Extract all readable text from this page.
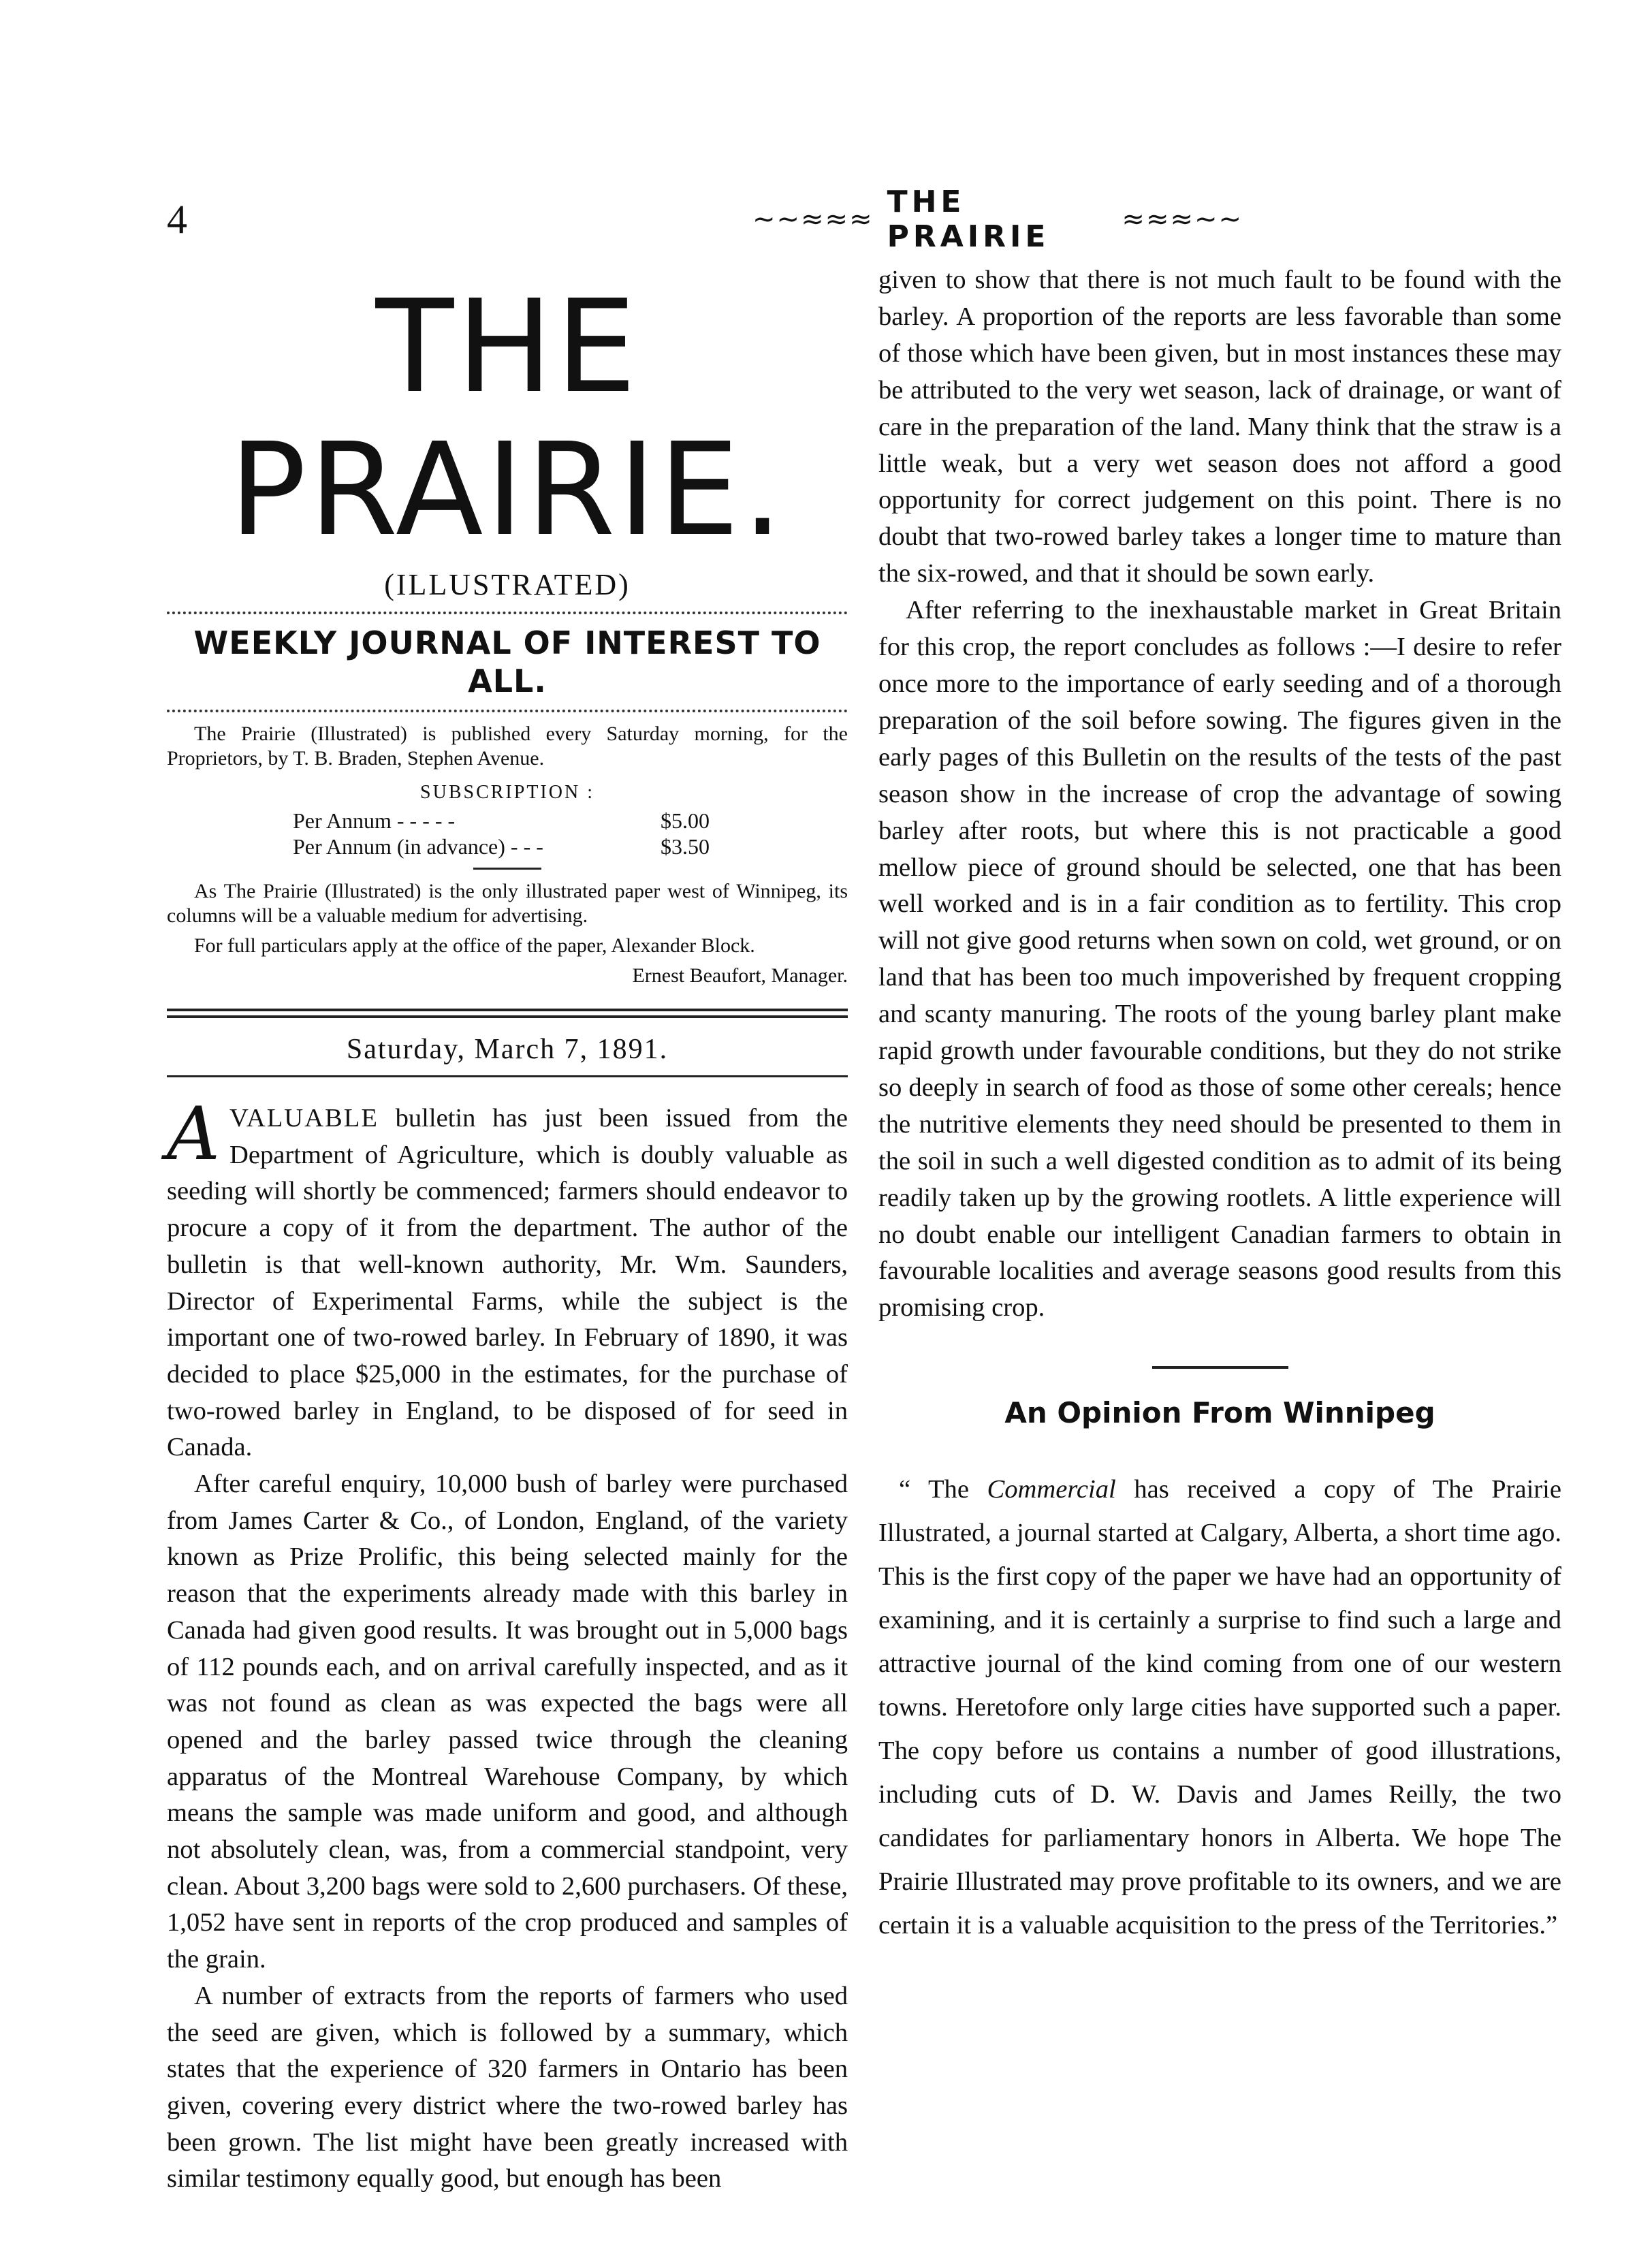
4	~~≈≈≈ THE PRAIRIE	≈≈≈~~
THE PRAIRIE.
(ILLUSTRATED)
WEEKLY JOURNAL OF INTEREST TO ALL.

The Prairie (Illustrated) is published every Saturday morning, for the Proprietors, by T. B. Braden, Stephen Avenue.

SUBSCRIPTION :
Per Annum - - - - -	$5.00
Per Annum (in advance) - - -	$3.50

As The Prairie (Illustrated) is the only illustrated paper west of Winnipeg, its columns will be a valuable medium for advertising.

For full particulars apply at the office of the paper, Alexander Block.

Ernest Beaufort, Manager.
Saturday, March 7, 1891.

AVALUABLE bulletin has just been issued from the Department of Agriculture, which is doubly valuable as seeding will shortly be commenced; farmers should endeavor to procure a copy of it from the department. The author of the bulletin is that well-known authority, Mr. Wm. Saunders, Director of Experimental Farms, while the subject is the important one of two-rowed barley. In February of 1890, it was decided to place $25,000 in the estimates, for the purchase of two-rowed barley in England, to be disposed of for seed in Canada.

After careful enquiry, 10,000 bush of barley were purchased from James Carter & Co., of London, England, of the variety known as Prize Prolific, this being selected mainly for the reason that the experiments already made with this barley in Canada had given good results. It was brought out in 5,000 bags of 112 pounds each, and on arrival carefully inspected, and as it was not found as clean as was expected the bags were all opened and the barley passed twice through the cleaning apparatus of the Montreal Warehouse Company, by which means the sample was made uniform and good, and although not absolutely clean, was, from a commercial standpoint, very clean. About 3,200 bags were sold to 2,600 purchasers. Of these, 1,052 have sent in reports of the crop produced and samples of the grain.

A number of extracts from the reports of farmers who used the seed are given, which is followed by a summary, which states that the experience of 320 farmers in Ontario has been given, covering every district where the two-rowed barley has been grown. The list might have been greatly increased with similar testimony equally good, but enough has been

given to show that there is not much fault to be found with the barley. A proportion of the reports are less favorable than some of those which have been given, but in most instances these may be attributed to the very wet season, lack of drainage, or want of care in the preparation of the land. Many think that the straw is a little weak, but a very wet season does not afford a good opportunity for correct judgement on this point. There is no doubt that two-rowed barley takes a longer time to mature than the six-rowed, and that it should be sown early.

After referring to the inexhaustable market in Great Britain for this crop, the report concludes as follows :—I desire to refer once more to the importance of early seeding and of a thorough preparation of the soil before sowing. The figures given in the early pages of this Bulletin on the results of the tests of the past season show in the increase of crop the advantage of sowing barley after roots, but where this is not practicable a good mellow piece of ground should be selected, one that has been well worked and is in a fair condition as to fertility. This crop will not give good returns when sown on cold, wet ground, or on land that has been too much impoverished by frequent cropping and scanty manuring. The roots of the young barley plant make rapid growth under favourable conditions, but they do not strike so deeply in search of food as those of some other cereals; hence the nutritive elements they need should be presented to them in the soil in such a well digested condition as to admit of its being readily taken up by the growing rootlets. A little experience will no doubt enable our intelligent Canadian farmers to obtain in favourable localities and average seasons good results from this promising crop.

An Opinion From Winnipeg

“ The Commercial has received a copy of The Prairie Illustrated, a journal started at Calgary, Alberta, a short time ago. This is the first copy of the paper we have had an opportunity of examining, and it is certainly a surprise to find such a large and attractive journal of the kind coming from one of our western towns. Heretofore only large cities have supported such a paper. The copy before us contains a number of good illustrations, including cuts of D. W. Davis and James Reilly, the two candidates for parliamentary honors in Alberta. We hope The Prairie Illustrated may prove profitable to its owners, and we are certain it is a valuable acquisition to the press of the Territories.”
